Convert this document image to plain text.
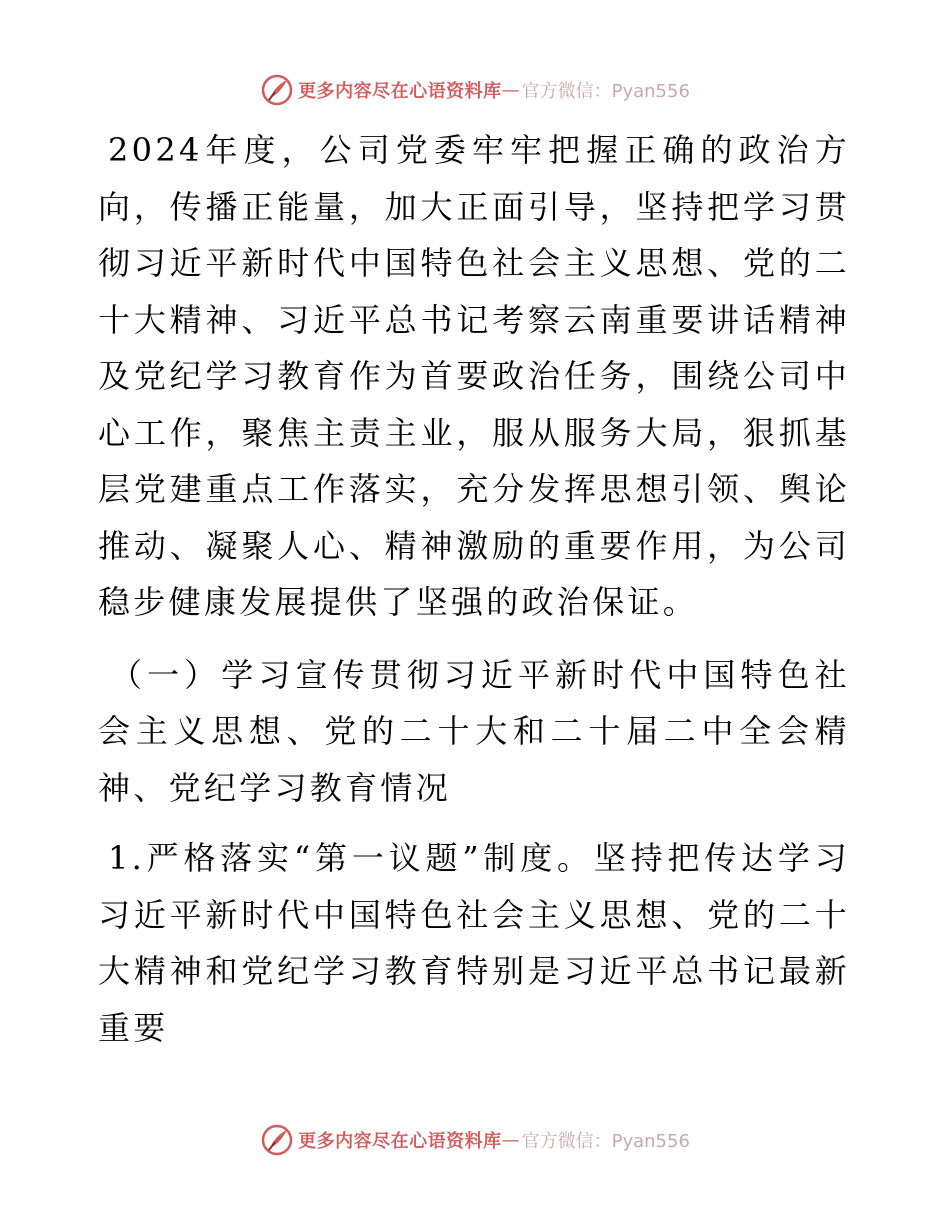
更多内容尽在心语资料库 — 官方微信：Pyan556

2024年度，公司党委牢牢把握正确的政治方向，传播正能量，加大正面引导，坚持把学习贯彻习近平新时代中国特色社会主义思想、党的二十大精神、习近平总书记考察云南重要讲话精神及党纪学习教育作为首要政治任务，围绕公司中心工作，聚焦主责主业，服从服务大局，狠抓基层党建重点工作落实，充分发挥思想引领、舆论推动、凝聚人心、精神激励的重要作用，为公司稳步健康发展提供了坚强的政治保证。

（一）学习宣传贯彻习近平新时代中国特色社会主义思想、党的二十大和二十届二中全会精神、党纪学习教育情况

1.严格落实“第一议题”制度。坚持把传达学习习近平新时代中国特色社会主义思想、党的二十大精神和党纪学习教育特别是习近平总书记最新重要

更多内容尽在心语资料库 — 官方微信：Pyan556
